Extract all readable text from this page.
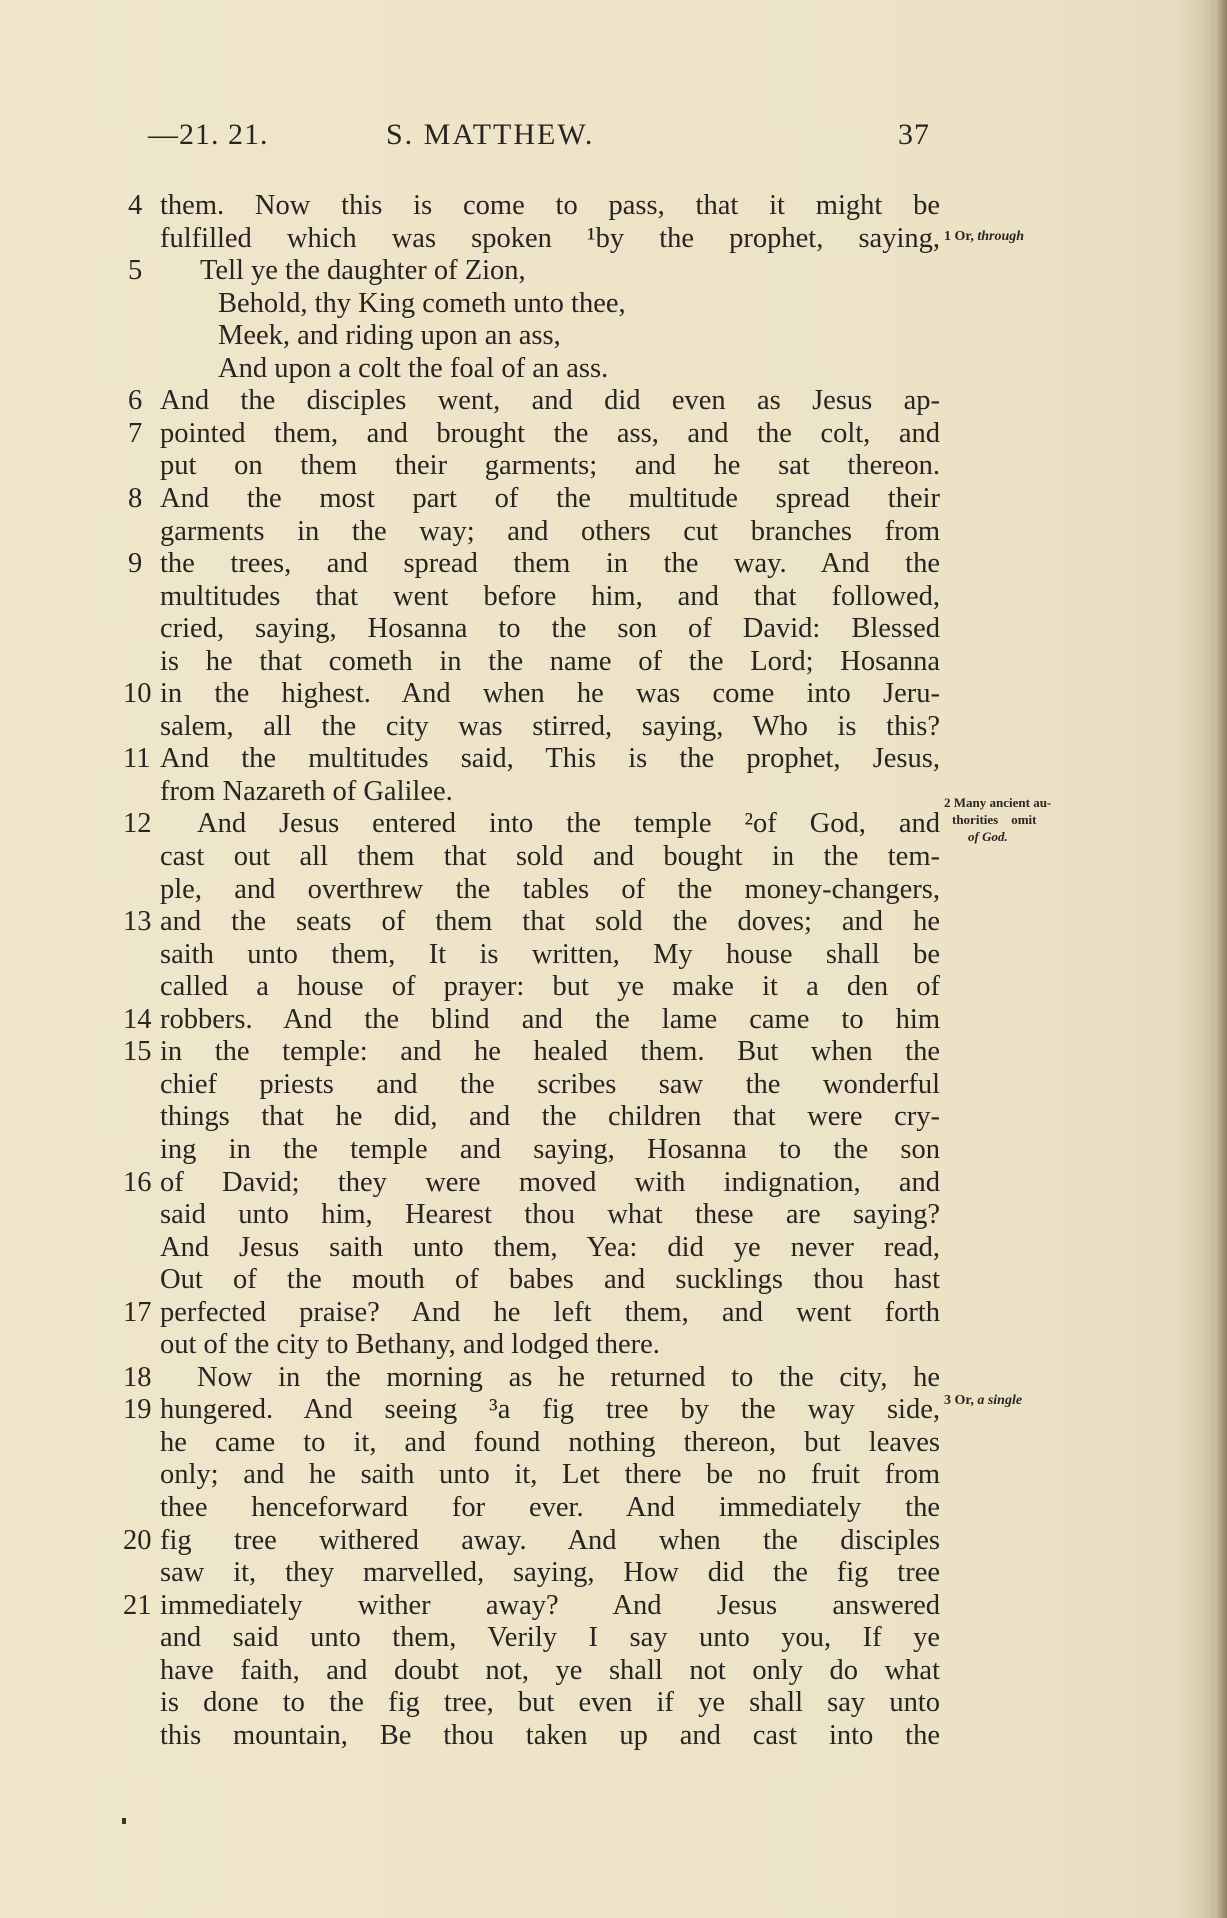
—21. 21.	S. MATTHEW.	37
4 them. Now this is come to pass, that it might be
fulfilled which was spoken ¹by the prophet, saying,
5	Tell ye the daughter of Zion,
Behold, thy King cometh unto thee,
Meek, and riding upon an ass,
And upon a colt the foal of an ass.
6 And the disciples went, and did even as Jesus ap-
7 pointed them, and brought the ass, and the colt, and
put on them their garments; and he sat thereon.
8 And the most part of the multitude spread their
garments in the way; and others cut branches from
9 the trees, and spread them in the way. And the
multitudes that went before him, and that followed,
cried, saying, Hosanna to the son of David: Blessed
is he that cometh in the name of the Lord; Hosanna
10 in the highest. And when he was come into Jeru-
salem, all the city was stirred, saying, Who is this?
11 And the multitudes said, This is the prophet, Jesus,
from Nazareth of Galilee.
12 And Jesus entered into the temple ²of God, and
cast out all them that sold and bought in the tem-
ple, and overthrew the tables of the money-changers,
13 and the seats of them that sold the doves; and he
saith unto them, It is written, My house shall be
called a house of prayer: but ye make it a den of
14 robbers. And the blind and the lame came to him
15 in the temple: and he healed them. But when the
chief priests and the scribes saw the wonderful
things that he did, and the children that were cry-
ing in the temple and saying, Hosanna to the son
16 of David; they were moved with indignation, and
said unto him, Hearest thou what these are saying?
And Jesus saith unto them, Yea: did ye never read,
Out of the mouth of babes and sucklings thou hast
17 perfected praise? And he left them, and went forth
out of the city to Bethany, and lodged there.
18 Now in the morning as he returned to the city, he
19 hungered. And seeing ³a fig tree by the way side,
he came to it, and found nothing thereon, but leaves
only; and he saith unto it, Let there be no fruit from
thee henceforward for ever. And immediately the
20 fig tree withered away. And when the disciples
saw it, they marvelled, saying, How did the fig tree
21 immediately wither away? And Jesus answered
and said unto them, Verily I say unto you, If ye
have faith, and doubt not, ye shall not only do what
is done to the fig tree, but even if ye shall say unto
this mountain, Be thou taken up and cast into the
1 Or, through
2 Many ancient au-
thorities    omit
of God.
3 Or, a single
